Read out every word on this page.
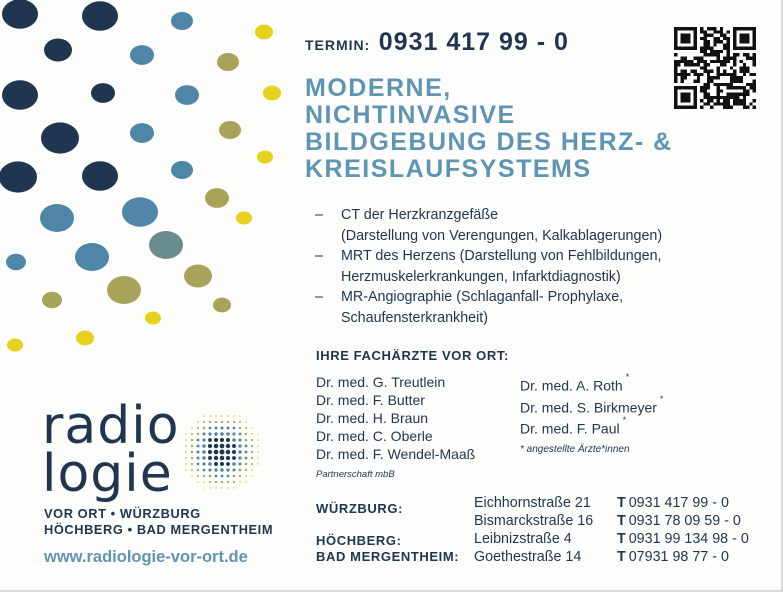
TERMIN: 0931 417 99 - 0
MODERNE,
NICHTINVASIVE
BILDGEBUNG DES HERZ- &
KREISLAUFSYSTEMS
– CT der Herzkranzgefäße
(Darstellung von Verengungen, Kalkablagerungen)
– MRT des Herzens (Darstellung von Fehlbildungen,
Herzmuskelerkrankungen, Infarktdiagnostik)
– MR-Angiographie (Schlaganfall- Prophylaxe,
Schaufensterkrankheit)
IHRE FACHÄRZTE VOR ORT:
Dr. med. G. Treutlein
Dr. med. F. Butter
Dr. med. H. Braun
Dr. med. C. Oberle
Dr. med. F. Wendel-Maaß
Dr. med. A. Roth*
Dr. med. S. Birkmeyer*
Dr. med. F. Paul*
* angestellte Ärzte*innen
Partnerschaft mbB
WÜRZBURG:
HÖCHBERG:
BAD MERGENTHEIM:
Eichhornstraße 21
Bismarckstraße 16
Leibnizstraße 4
Goethestraße 14
T 0931 417 99 - 0
T 0931 78 09 59 - 0
T 0931 99 134 98 - 0
T 07931 98 77 - 0
radio
logie
VOR ORT • WÜRZBURG
HÖCHBERG • BAD MERGENTHEIM
www.radiologie-vor-ort.de
